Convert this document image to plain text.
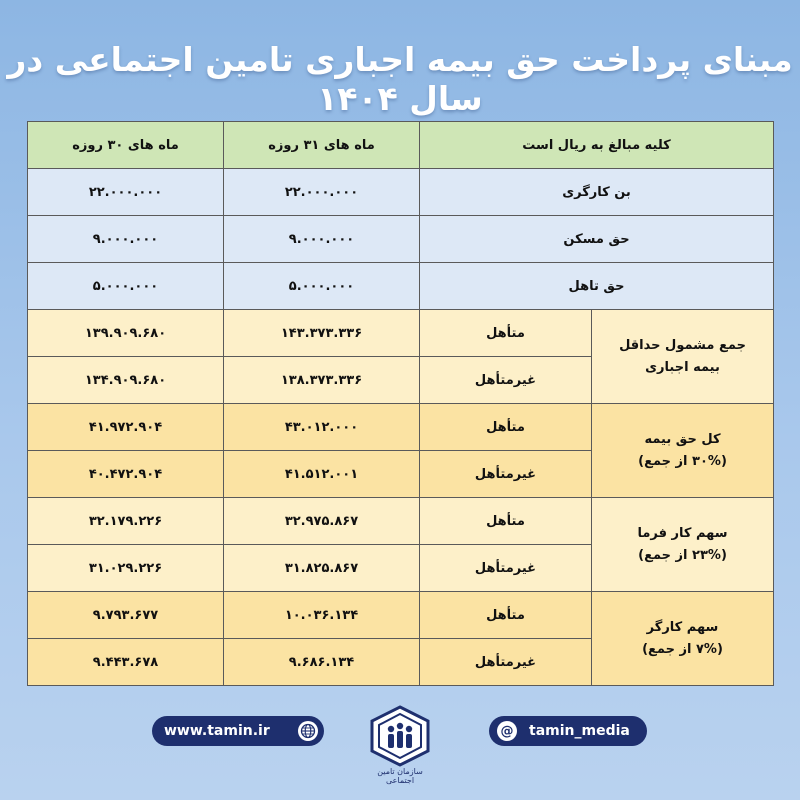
مبنای پرداخت حق بیمه اجباری تامین اجتماعی در سال ۱۴۰۴
ماه های ۳۰ روزه	ماه های ۳۱ روزه	کلیه مبالغ به ریال است	
۲۲.۰۰۰.۰۰۰	۲۲.۰۰۰.۰۰۰	بن کارگری	
۹.۰۰۰.۰۰۰	۹.۰۰۰.۰۰۰	حق مسکن	
۵.۰۰۰.۰۰۰	۵.۰۰۰.۰۰۰	حق تاهل	
۱۳۹.۹۰۹.۶۸۰	۱۴۳.۳۷۳.۳۳۶	متأهل	جمع مشمول حداقل
بیمه اجباری

۱۳۴.۹۰۹.۶۸۰	۱۳۸.۳۷۳.۳۳۶	غیرمتأهل	
۴۱.۹۷۲.۹۰۴	۴۳.۰۱۲.۰۰۰	متأهل	کل حق بیمه
(۳۰% از جمع)

۴۰.۴۷۲.۹۰۴	۴۱.۵۱۲.۰۰۱	غیرمتأهل	
۳۲.۱۷۹.۲۲۶	۳۲.۹۷۵.۸۶۷	متأهل	سهم کار فرما
(۲۳% از جمع)

۳۱.۰۲۹.۲۲۶	۳۱.۸۲۵.۸۶۷	غیرمتأهل	
۹.۷۹۳.۶۷۷	۱۰.۰۳۶.۱۳۴	متأهل	سهم کارگر
(۷% از جمع)

۹.۴۴۳.۶۷۸	۹.۶۸۶.۱۳۴	غیرمتأهل	
www.tamin.ir
سازمان تامین اجتماعی
@ tamin_media
